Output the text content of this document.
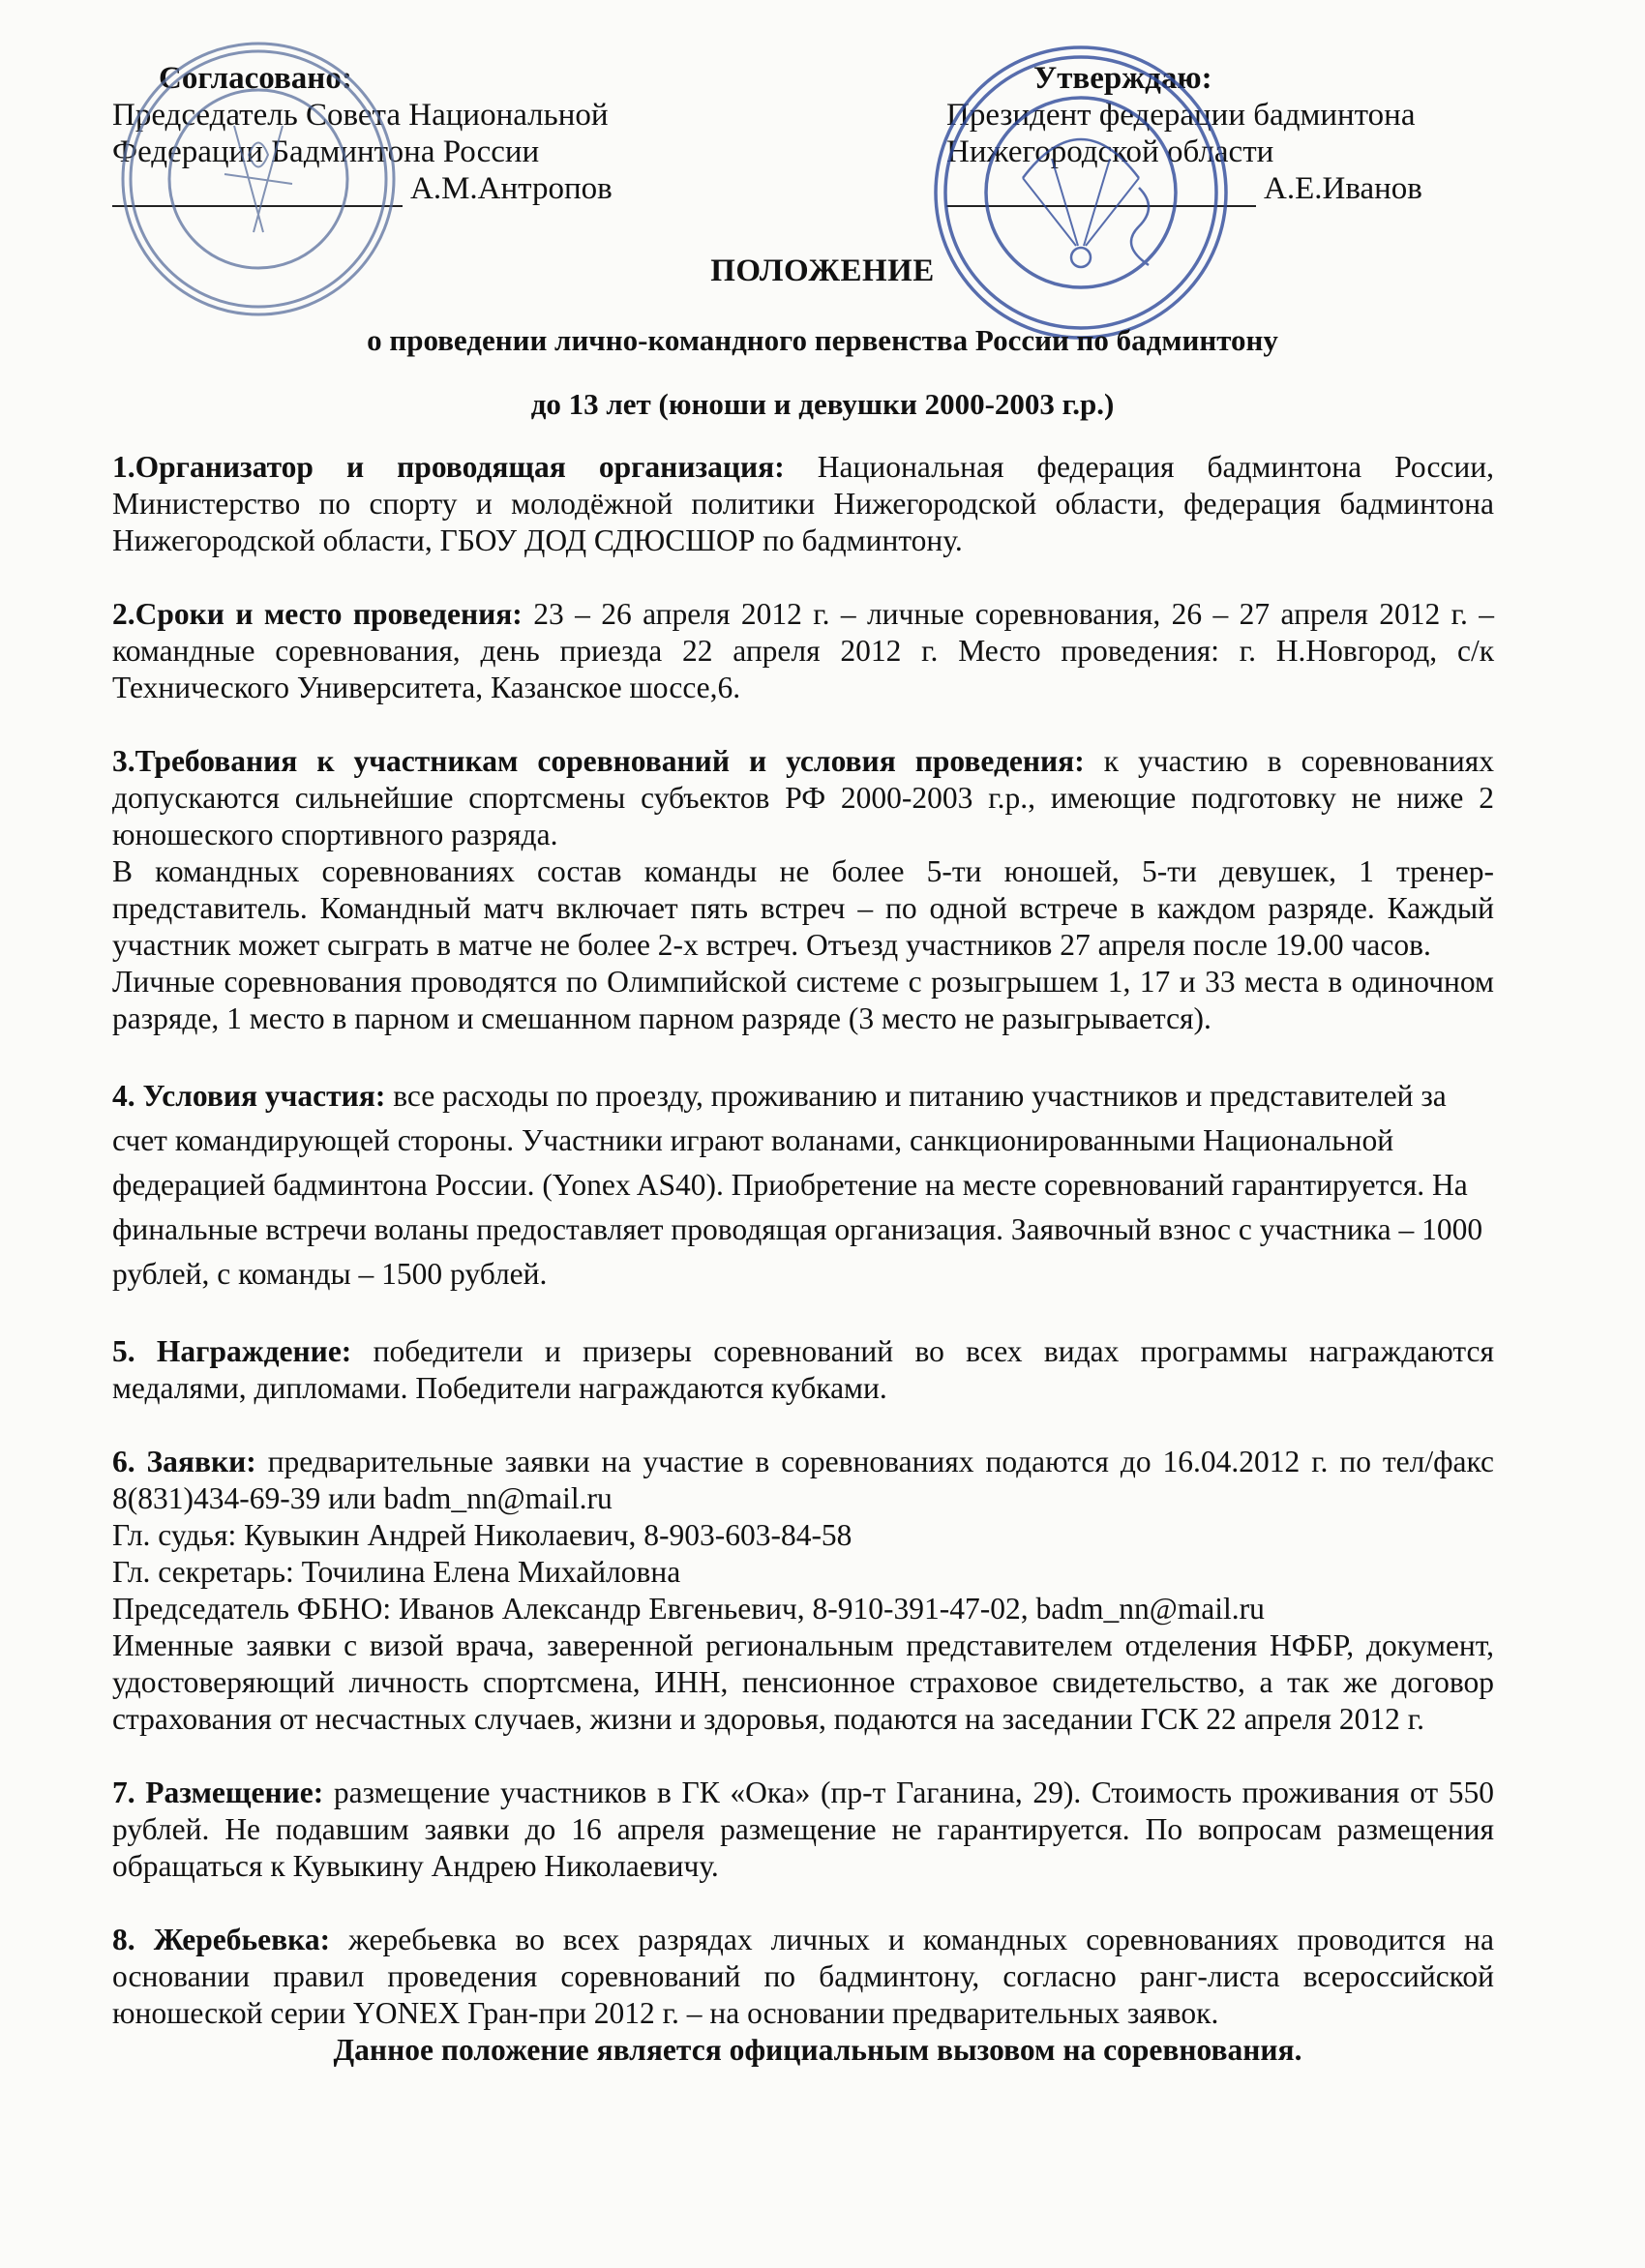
Согласовано:
Председатель Совета Национальной
Федерации Бадминтона России
А.М.Антропов
Утверждаю:
Президент федерации бадминтона
Нижегородской области
А.Е.Иванов
ПОЛОЖЕНИЕ
о проведении лично-командного первенства России по бадминтону
до 13 лет (юноши и девушки 2000-2003 г.р.)

1.Организатор и проводящая организация: Национальная федерация бадминтона России, Министерство по спорту и молодёжной политики Нижегородской области, федерация бадминтона Нижегородской области, ГБОУ ДОД СДЮСШОР по бадминтону.

2.Сроки и место проведения: 23 – 26 апреля 2012 г. – личные соревнования, 26 – 27 апреля 2012 г. – командные соревнования, день приезда 22 апреля 2012 г. Место проведения: г. Н.Новгород, с/к Технического Университета, Казанское шоссе,6.

3.Требования к участникам соревнований и условия проведения: к участию в соревнованиях допускаются сильнейшие спортсмены субъектов РФ 2000-2003 г.р., имеющие подготовку не ниже 2 юношеского спортивного разряда.

В командных соревнованиях состав команды не более 5-ти юношей, 5-ти девушек, 1 тренер-представитель. Командный матч включает пять встреч – по одной встрече в каждом разряде. Каждый участник может сыграть в матче не более 2-х встреч. Отъезд участников 27 апреля после 19.00 часов.

Личные соревнования проводятся по Олимпийской системе с розыгрышем 1, 17 и 33 места в одиночном разряде, 1 место в парном и смешанном парном разряде (3 место не разыгрывается).

4. Условия участия: все расходы по проезду, проживанию и питанию участников и представителей за счет командирующей стороны. Участники играют воланами, санкционированными Национальной федерацией бадминтона России. (Yonex AS40). Приобретение на месте соревнований гарантируется. На финальные встречи воланы предоставляет проводящая организация. Заявочный взнос с участника – 1000 рублей, с команды – 1500 рублей.

5. Награждение: победители и призеры соревнований во всех видах программы награждаются медалями, дипломами. Победители награждаются кубками.

6. Заявки: предварительные заявки на участие в соревнованиях подаются до 16.04.2012 г. по тел/факс 8(831)434-69-39 или badm_nn@mail.ru

Гл. судья: Кувыкин Андрей Николаевич, 8-903-603-84-58

Гл. секретарь: Точилина Елена Михайловна

Председатель ФБНО: Иванов Александр Евгеньевич, 8-910-391-47-02, badm_nn@mail.ru

Именные заявки с визой врача, заверенной региональным представителем отделения НФБР, документ, удостоверяющий личность спортсмена, ИНН, пенсионное страховое свидетельство, а так же договор страхования от несчастных случаев, жизни и здоровья, подаются на заседании ГСК 22 апреля 2012 г.

7. Размещение: размещение участников в ГК «Ока» (пр-т Гаганина, 29). Стоимость проживания от 550 рублей. Не подавшим заявки до 16 апреля размещение не гарантируется. По вопросам размещения обращаться к Кувыкину Андрею Николаевичу.

8. Жеребьевка: жеребьевка во всех разрядах личных и командных соревнованиях проводится на основании правил проведения соревнований по бадминтону, согласно ранг-листа всероссийской юношеской серии YONEX Гран-при 2012 г. – на основании предварительных заявок.

Данное положение является официальным вызовом на соревнования.
